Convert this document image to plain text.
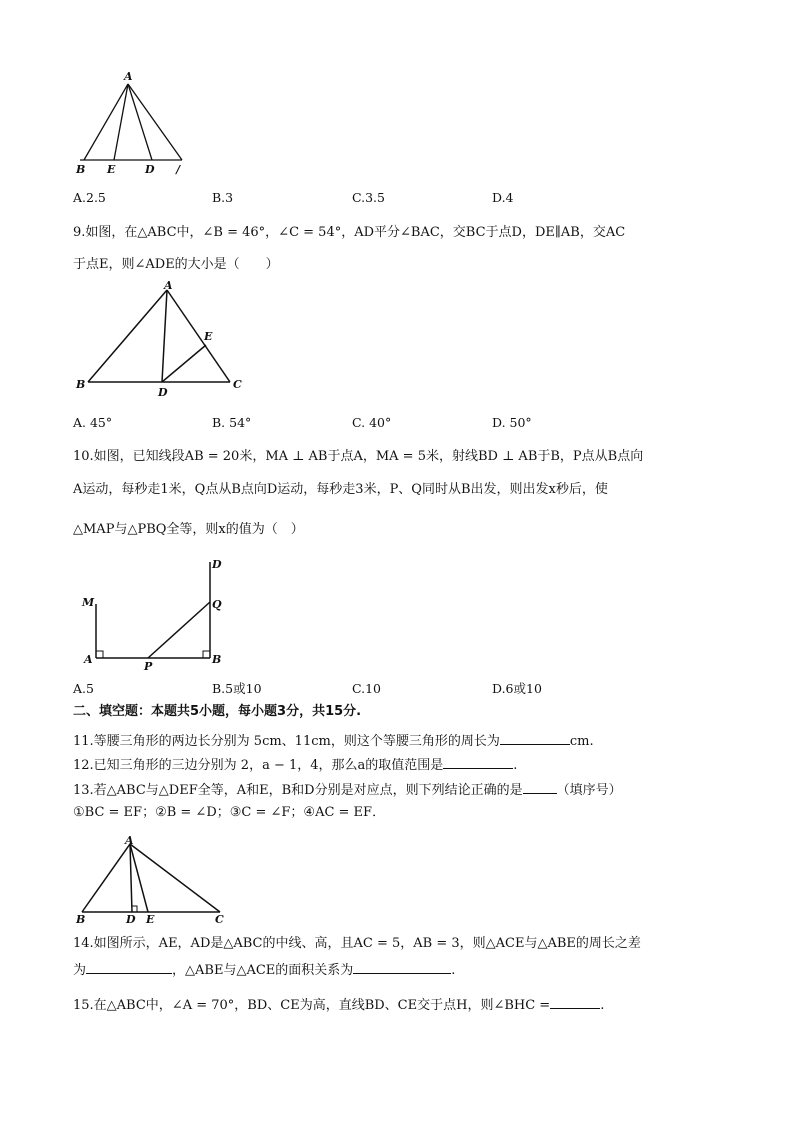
A
B E	D /
A.2.5	B.3	C.3.5	D.4
9.如图，在△ABC中，∠B = 46°，∠C = 54°，AD平分∠BAC，交BC于点D，DE∥AB，交AC
于点E，则∠ADE的大小是（　　）
A
E
B
D
C
A. 45°	B. 54°	C. 40°	D. 50°
10.如图，已知线段AB = 20米，MA ⊥ AB于点A，MA = 5米，射线BD ⊥ AB于B，P点从B点向
A运动，每秒走1米，Q点从B点向D运动，每秒走3米，P、Q同时从B出发，则出发x秒后，使
△MAP与△PBQ全等，则x的值为（　）
D
M	Q
A
P
B
A.5	B.5或10	C.10	D.6或10
二、填空题：本题共5小题，每小题3分，共15分.
11.等腰三角形的两边长分别为 5cm、11cm，则这个等腰三角形的周长为	cm.
12.已知三角形的三边分别为 2，a − 1，4，那么a的取值范围是	.
13.若△ABC与△DEF全等，A和E，B和D分别是对应点，则下列结论正确的是	（填序号）
①BC = EF；②B = ∠D；③C = ∠F；④AC = EF．
A
B	D E	C
14.如图所示，AE，AD是△ABC的中线、高，且AC = 5，AB = 3，则△ACE与△ABE的周长之差
为	，△ABE与△ACE的面积关系为	.
15.在△ABC中，∠A = 70°，BD、CE为高，直线BD、CE交于点H，则∠BHC =	.
